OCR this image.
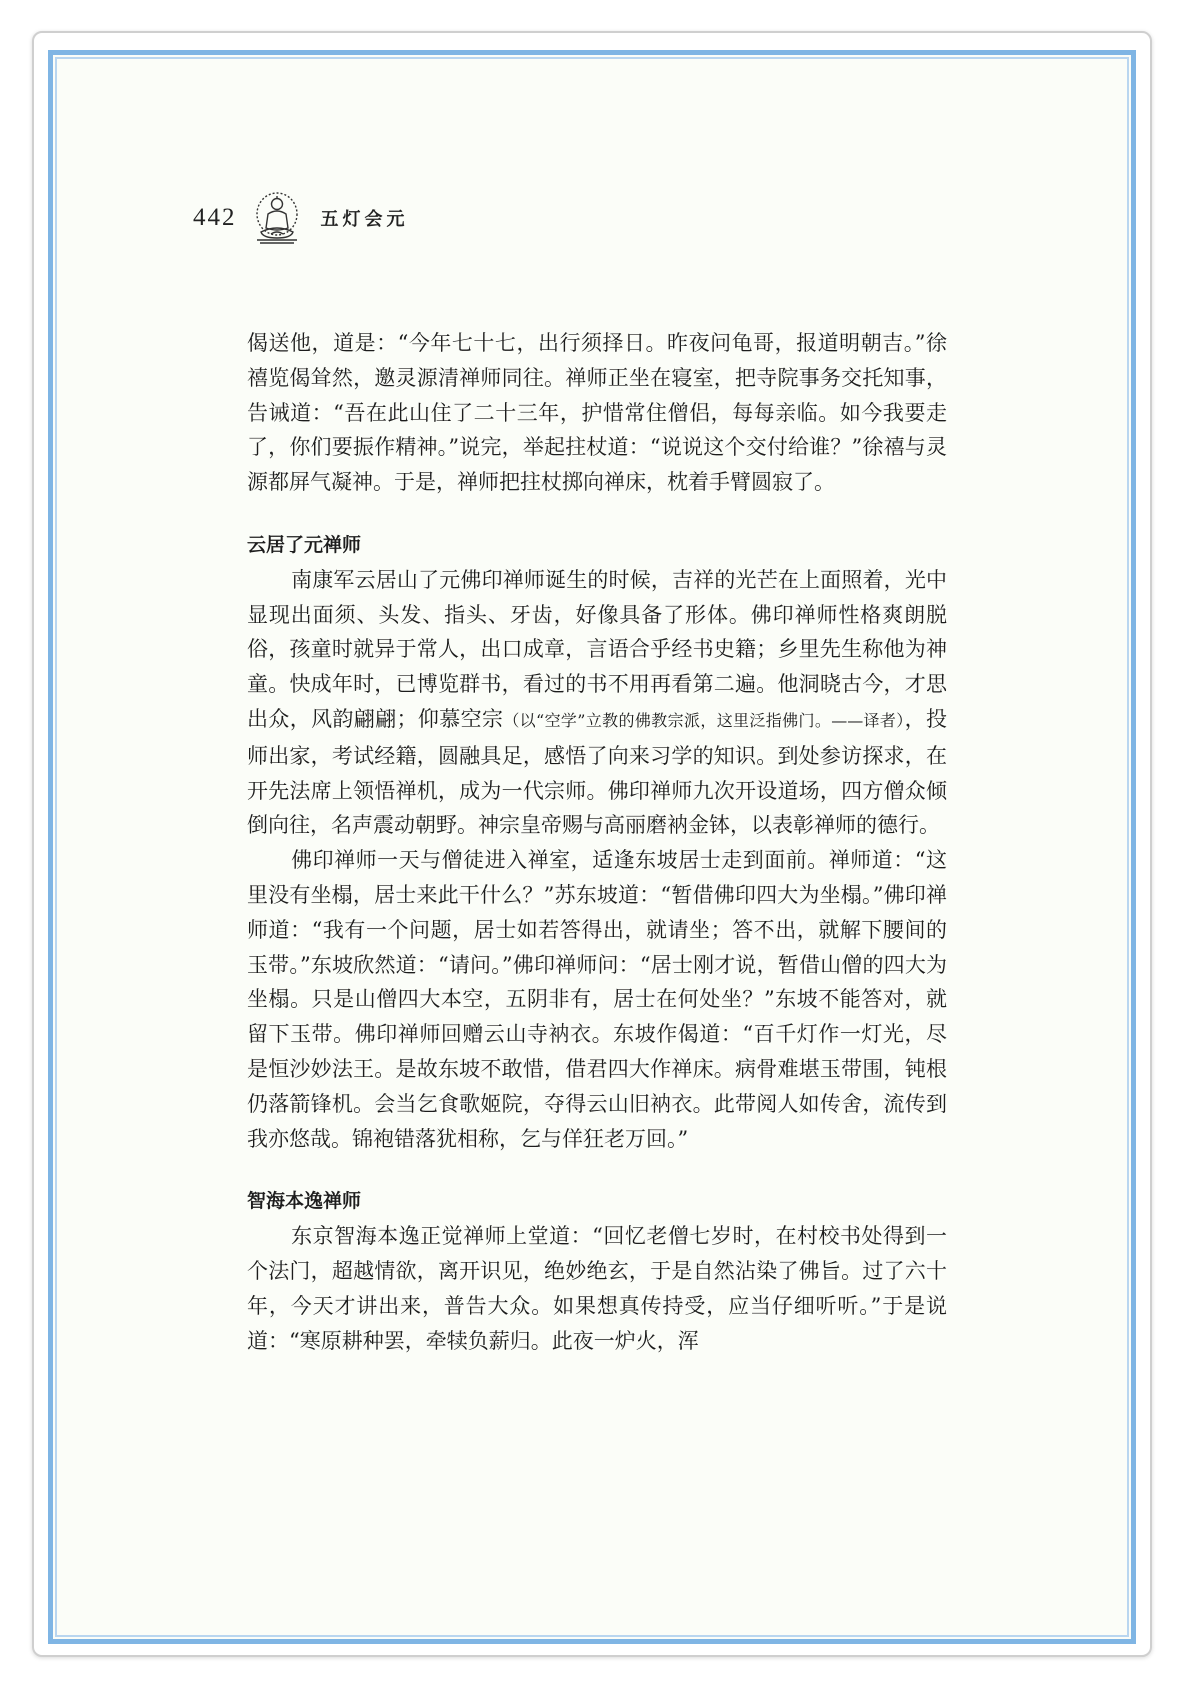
442	五灯会元

偈送他，道是：“今年七十七，出行须择日。昨夜问龟哥，报道明朝吉。”徐禧览偈耸然，邀灵源清禅师同往。禅师正坐在寝室，把寺院事务交托知事，告诫道：“吾在此山住了二十三年，护惜常住僧侣，每每亲临。如今我要走了，你们要振作精神。”说完，举起拄杖道：“说说这个交付给谁？”徐禧与灵源都屏气凝神。于是，禅师把拄杖掷向禅床，枕着手臂圆寂了。

云居了元禅师

南康军云居山了元佛印禅师诞生的时候，吉祥的光芒在上面照着，光中显现出面须、头发、指头、牙齿，好像具备了形体。佛印禅师性格爽朗脱俗，孩童时就异于常人，出口成章，言语合乎经书史籍；乡里先生称他为神童。快成年时，已博览群书，看过的书不用再看第二遍。他洞晓古今，才思出众，风韵翩翩；仰慕空宗（以“空学”立教的佛教宗派，这里泛指佛门。——译者），投师出家，考试经籍，圆融具足，感悟了向来习学的知识。到处参访探求，在开先法席上领悟禅机，成为一代宗师。佛印禅师九次开设道场，四方僧众倾倒向往，名声震动朝野。神宗皇帝赐与高丽磨衲金钵，以表彰禅师的德行。

佛印禅师一天与僧徒进入禅室，适逢东坡居士走到面前。禅师道：“这里没有坐榻，居士来此干什么？”苏东坡道：“暂借佛印四大为坐榻。”佛印禅师道：“我有一个问题，居士如若答得出，就请坐；答不出，就解下腰间的玉带。”东坡欣然道：“请问。”佛印禅师问：“居士刚才说，暂借山僧的四大为坐榻。只是山僧四大本空，五阴非有，居士在何处坐？”东坡不能答对，就留下玉带。佛印禅师回赠云山寺衲衣。东坡作偈道：“百千灯作一灯光，尽是恒沙妙法王。是故东坡不敢惜，借君四大作禅床。病骨难堪玉带围，钝根仍落箭锋机。会当乞食歌姬院，夺得云山旧衲衣。此带阅人如传舍，流传到我亦悠哉。锦袍错落犹相称，乞与佯狂老万回。”

智海本逸禅师

东京智海本逸正觉禅师上堂道：“回忆老僧七岁时，在村校书处得到一个法门，超越情欲，离开识见，绝妙绝玄，于是自然沾染了佛旨。过了六十年，今天才讲出来，普告大众。如果想真传持受，应当仔细听听。”于是说道：“寒原耕种罢，牵犊负薪归。此夜一炉火，浑
